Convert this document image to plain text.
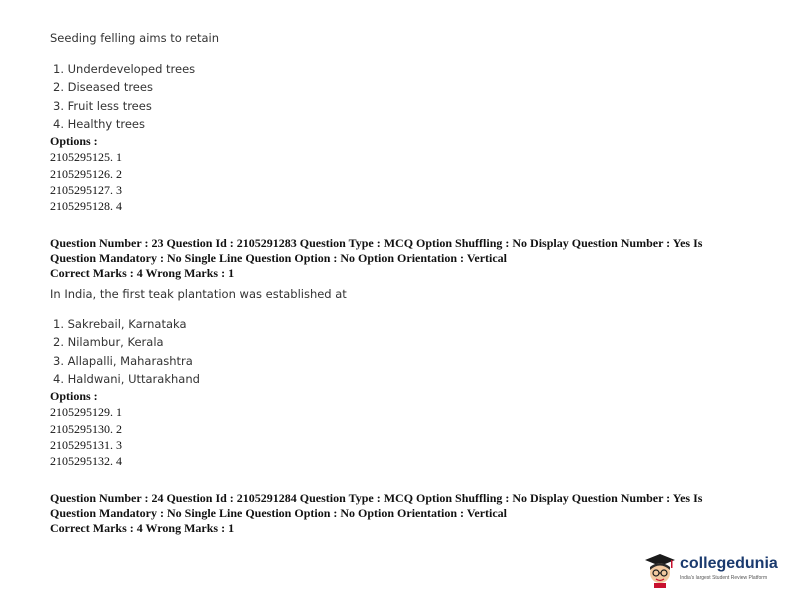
Seeding felling aims to retain
1. Underdeveloped trees
2. Diseased trees
3. Fruit less trees
4. Healthy trees
Options :
2105295125. 1
2105295126. 2
2105295127. 3
2105295128. 4
Question Number : 23 Question Id : 2105291283 Question Type : MCQ Option Shuffling : No Display Question Number : Yes Is
Question Mandatory : No Single Line Question Option : No Option Orientation : Vertical
Correct Marks : 4 Wrong Marks : 1
In India, the first teak plantation was established at
1. Sakrebail, Karnataka
2. Nilambur, Kerala
3. Allapalli, Maharashtra
4. Haldwani, Uttarakhand
Options :
2105295129. 1
2105295130. 2
2105295131. 3
2105295132. 4
Question Number : 24 Question Id : 2105291284 Question Type : MCQ Option Shuffling : No Display Question Number : Yes Is
Question Mandatory : No Single Line Question Option : No Option Orientation : Vertical
Correct Marks : 4 Wrong Marks : 1
collegedunia
India's largest Student Review Platform
